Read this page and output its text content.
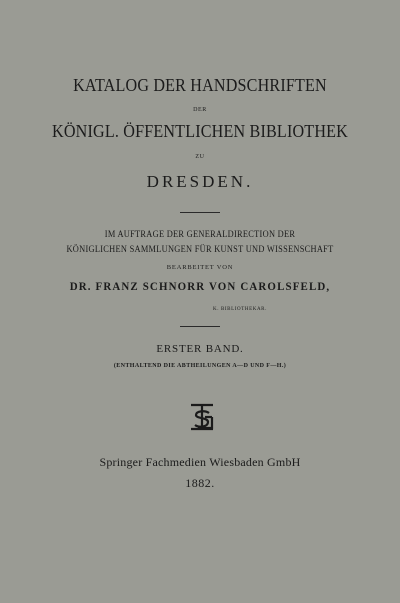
KATALOG DER HANDSCHRIFTEN
DER
KÖNIGL. ÖFFENTLICHEN BIBLIOTHEK
ZU
DRESDEN.
IM AUFTRAGE DER GENERALDIRECTION DER
KÖNIGLICHEN SAMMLUNGEN FÜR KUNST UND WISSENSCHAFT
BEARBEITET VON
DR. FRANZ SCHNORR VON CAROLSFELD,
K. BIBLIOTHEKAR.
ERSTER BAND.
(ENTHALTEND DIE ABTHEILUNGEN A—D UND F—H.)
Springer Fachmedien Wiesbaden GmbH
1882.
